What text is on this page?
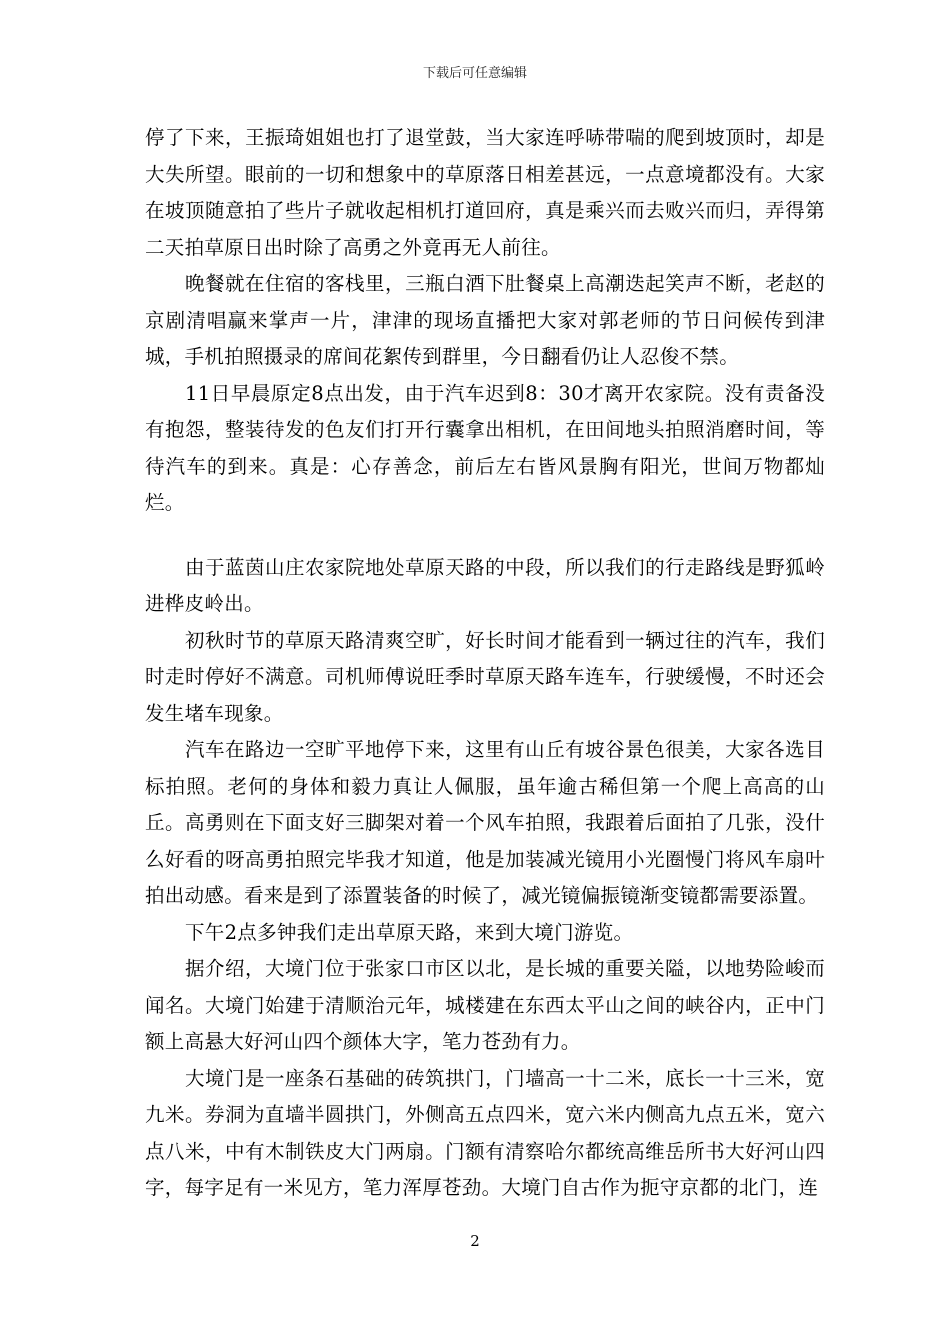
下载后可任意编辑

停了下来，王振琦姐姐也打了退堂鼓，当大家连呼哧带喘的爬到坡顶时，却是大失所望。眼前的一切和想象中的草原落日相差甚远，一点意境都没有。大家在坡顶随意拍了些片子就收起相机打道回府，真是乘兴而去败兴而归，弄得第二天拍草原日出时除了高勇之外竟再无人前往。

晚餐就在住宿的客栈里，三瓶白酒下肚餐桌上高潮迭起笑声不断，老赵的京剧清唱赢来掌声一片，津津的现场直播把大家对郭老师的节日问候传到津城，手机拍照摄录的席间花絮传到群里，今日翻看仍让人忍俊不禁。

11日早晨原定8点出发，由于汽车迟到8：30才离开农家院。没有责备没有抱怨，整装待发的色友们打开行囊拿出相机，在田间地头拍照消磨时间，等待汽车的到来。真是：心存善念，前后左右皆风景胸有阳光，世间万物都灿烂。

由于蓝茵山庄农家院地处草原天路的中段，所以我们的行走路线是野狐岭进桦皮岭出。

初秋时节的草原天路清爽空旷，好长时间才能看到一辆过往的汽车，我们时走时停好不满意。司机师傅说旺季时草原天路车连车，行驶缓慢，不时还会发生堵车现象。

汽车在路边一空旷平地停下来，这里有山丘有坡谷景色很美，大家各选目标拍照。老何的身体和毅力真让人佩服，虽年逾古稀但第一个爬上高高的山丘。高勇则在下面支好三脚架对着一个风车拍照，我跟着后面拍了几张，没什么好看的呀高勇拍照完毕我才知道，他是加装减光镜用小光圈慢门将风车扇叶拍出动感。看来是到了添置装备的时候了，减光镜偏振镜渐变镜都需要添置。

下午2点多钟我们走出草原天路，来到大境门游览。

据介绍，大境门位于张家口市区以北，是长城的重要关隘，以地势险峻而闻名。大境门始建于清顺治元年，城楼建在东西太平山之间的峡谷内，正中门额上高悬大好河山四个颜体大字，笔力苍劲有力。

大境门是一座条石基础的砖筑拱门，门墙高一十二米，底长一十三米，宽九米。券洞为直墙半圆拱门，外侧高五点四米，宽六米内侧高九点五米，宽六点八米，中有木制铁皮大门两扇。门额有清察哈尔都统高维岳所书大好河山四字，每字足有一米见方，笔力浑厚苍劲。大境门自古作为扼守京都的北门，连

2
